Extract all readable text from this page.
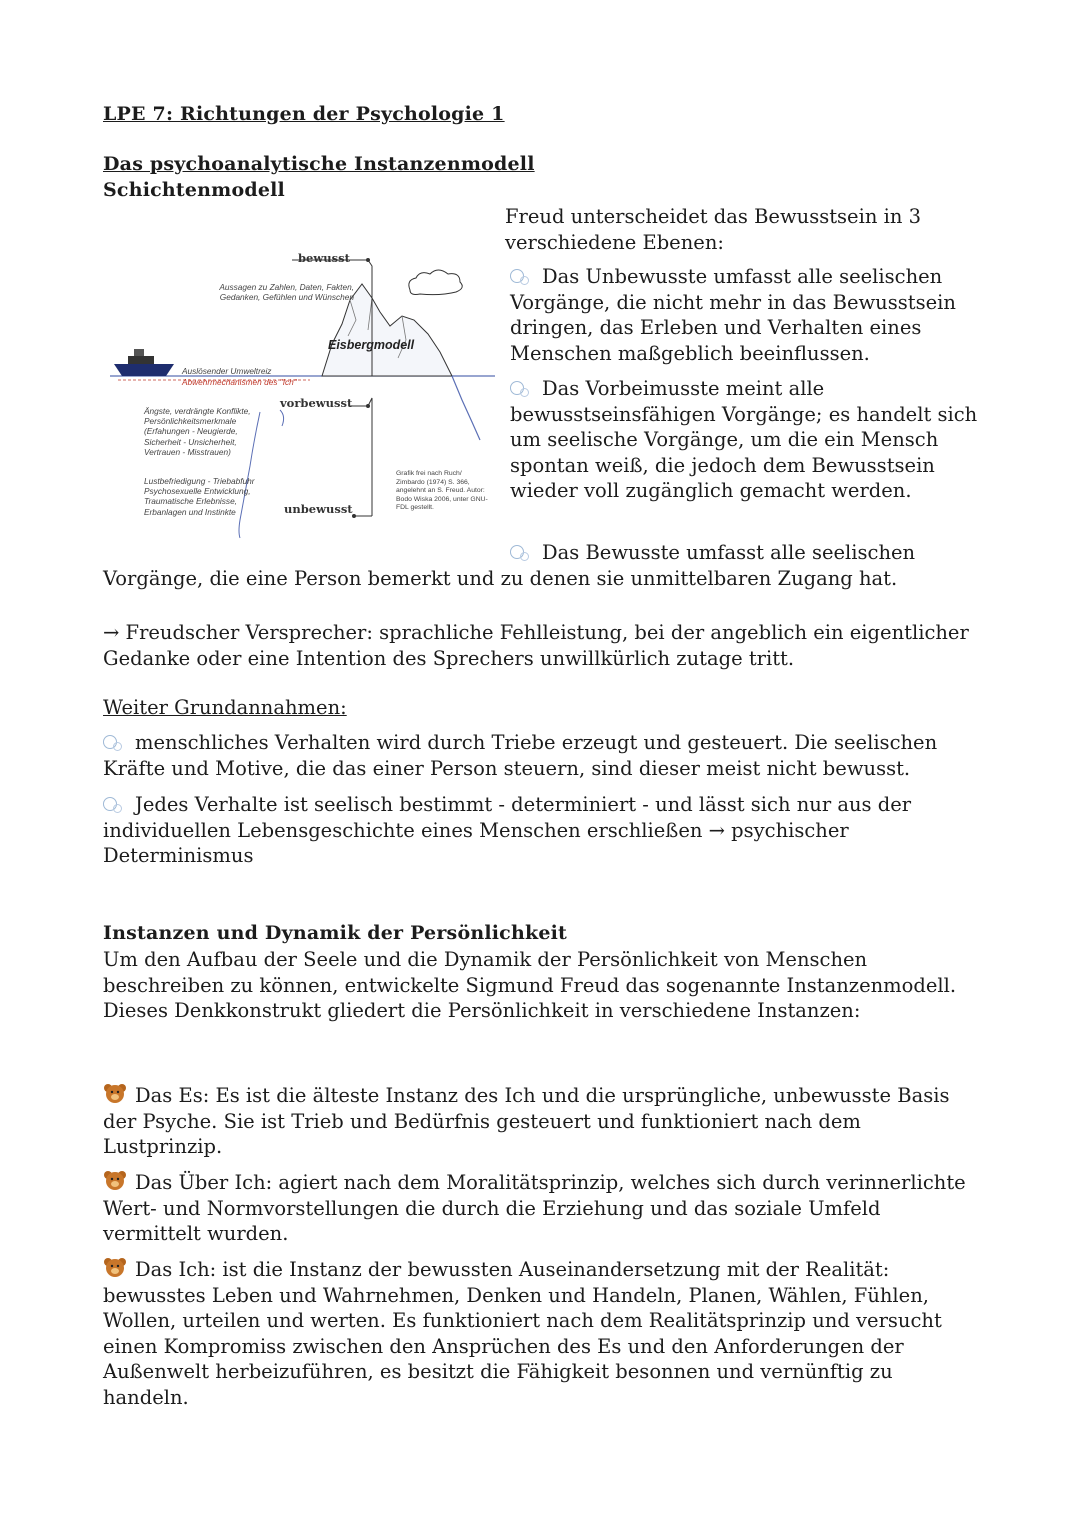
LPE 7: Richtungen der Psychologie 1
Das psychoanalytische Instanzenmodell
Schichtenmodell
bewusst
Aussagen zu Zahlen, Daten, Fakten, Gedanken, Gefühlen und Wünschen
Eisbergmodell
Auslösender Umweltreiz
Abwehrmechanismen des "Ich"
vorbewusst
Ängste, verdrängte Konflikte, Persönlichkeitsmerkmale (Erfahungen - Neugierde, Sicherheit - Unsicherheit, Vertrauen - Misstrauen)
Lustbefriedigung - Triebabfuhr Psychosexuelle Entwicklung, Traumatische Erlebnisse, Erbanlagen und Instinkte	unbewusst
Grafik frei nach Ruch/ Zimbardo (1974) S. 366, angelehnt an S. Freud. Autor: Bodo Wiska 2006, unter GNU-FDL gestellt.
Freud unterscheidet das Bewusstsein in 3 verschiedene Ebenen:
Das Unbewusste umfasst alle seelischen Vorgänge, die nicht mehr in das Bewusstsein dringen, das Erleben und Verhalten eines Menschen maßgeblich beeinflussen.
Das Vorbeimusste meint alle bewusstseinsfähigen Vorgänge; es handelt sich um seelische Vorgänge, um die ein Mensch spontan weiß, die jedoch dem Bewusstsein wieder voll zugänglich gemacht werden.
Das Bewusste umfasst alle seelischen Vorgänge, die eine Person bemerkt und zu denen sie unmittelbaren Zugang hat.
→ Freudscher Versprecher: sprachliche Fehlleistung, bei der angeblich ein eigentlicher Gedanke oder eine Intention des Sprechers unwillkürlich zutage tritt.
Weiter Grundannahmen:
menschliches Verhalten wird durch Triebe erzeugt und gesteuert. Die seelischen Kräfte und Motive, die das einer Person steuern, sind dieser meist nicht bewusst.
Jedes Verhalte ist seelisch bestimmt - determiniert - und lässt sich nur aus der individuellen Lebensgeschichte eines Menschen erschließen → psychischer Determinismus
Instanzen und Dynamik der Persönlichkeit
Um den Aufbau der Seele und die Dynamik der Persönlichkeit von Menschen beschreiben zu können, entwickelte Sigmund Freud das sogenannte Instanzenmodell. Dieses Denkkonstrukt gliedert die Persönlichkeit in verschiedene Instanzen:
Das Es: Es ist die älteste Instanz des Ich und die ursprüngliche, unbewusste Basis der Psyche. Sie ist Trieb und Bedürfnis gesteuert und funktioniert nach dem Lustprinzip.
Das Über Ich: agiert nach dem Moralitätsprinzip, welches sich durch verinnerlichte Wert- und Normvorstellungen die durch die Erziehung und das soziale Umfeld vermittelt wurden.
Das Ich: ist die Instanz der bewussten Auseinandersetzung mit der Realität: bewusstes Leben und Wahrnehmen, Denken und Handeln, Planen, Wählen, Fühlen, Wollen, urteilen und werten. Es funktioniert nach dem Realitätsprinzip und versucht einen Kompromiss zwischen den Ansprüchen des Es und den Anforderungen der Außenwelt herbeizuführen, es besitzt die Fähigkeit besonnen und vernünftig zu handeln.
